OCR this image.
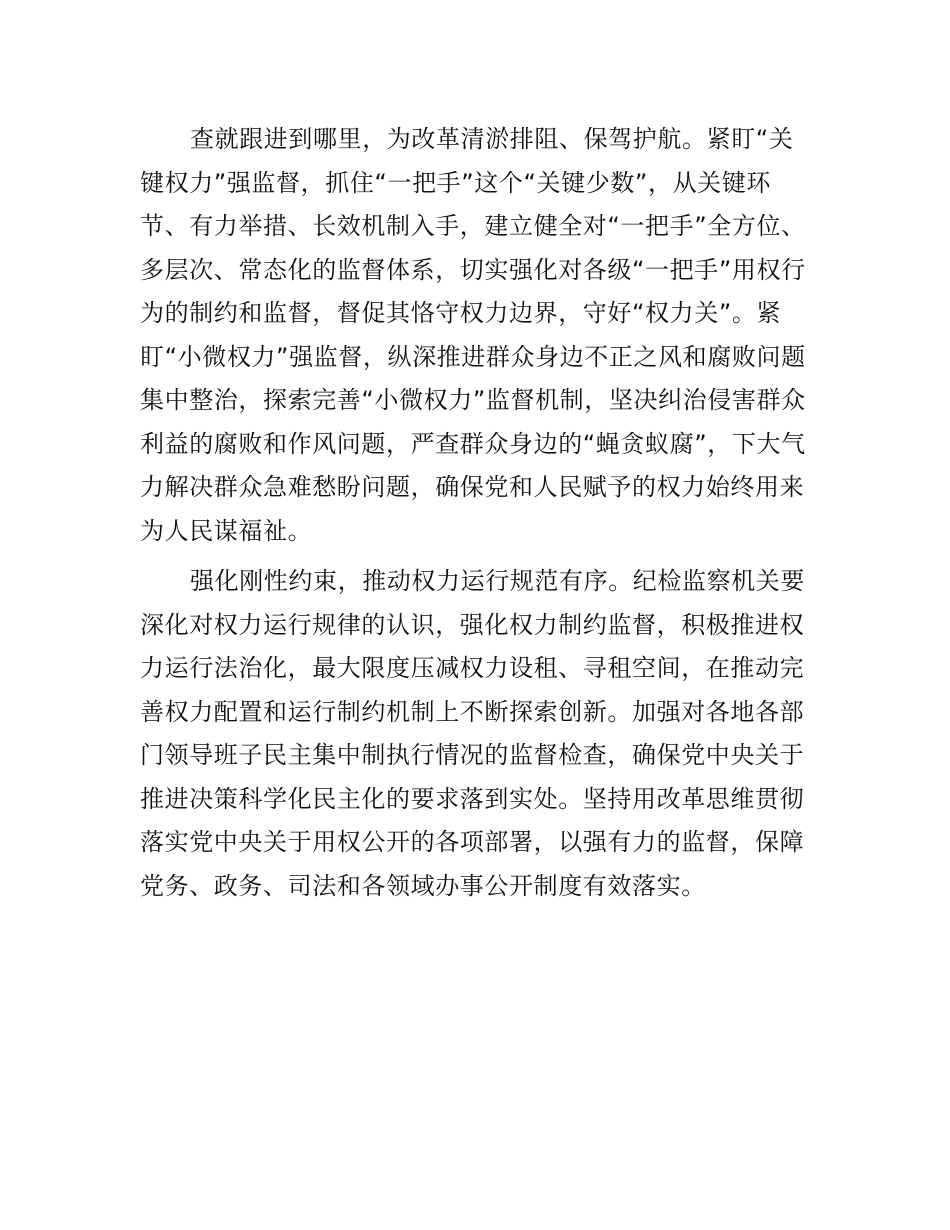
查就跟进到哪里，为改革清淤排阻、保驾护航。紧盯“关键权力”强监督，抓住“一把手”这个“关键少数”，从关键环节、有力举措、长效机制入手，建立健全对“一把手”全方位、多层次、常态化的监督体系，切实强化对各级“一把手”用权行为的制约和监督，督促其恪守权力边界，守好“权力关”。紧盯“小微权力”强监督，纵深推进群众身边不正之风和腐败问题集中整治，探索完善“小微权力”监督机制，坚决纠治侵害群众利益的腐败和作风问题，严查群众身边的“蝇贪蚁腐”，下大气力解决群众急难愁盼问题，确保党和人民赋予的权力始终用来为人民谋福祉。

强化刚性约束，推动权力运行规范有序。纪检监察机关要深化对权力运行规律的认识，强化权力制约监督，积极推进权力运行法治化，最大限度压减权力设租、寻租空间，在推动完善权力配置和运行制约机制上不断探索创新。加强对各地各部门领导班子民主集中制执行情况的监督检查，确保党中央关于推进决策科学化民主化的要求落到实处。坚持用改革思维贯彻落实党中央关于用权公开的各项部署，以强有力的监督，保障党务、政务、司法和各领域办事公开制度有效落实。
